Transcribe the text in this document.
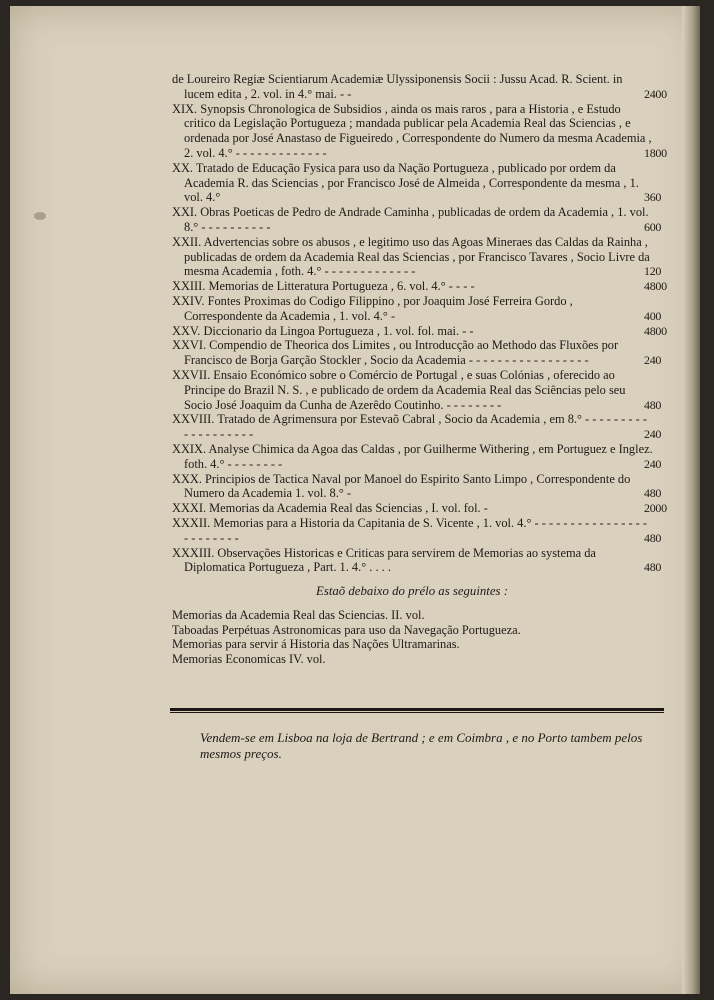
de Loureiro Regiæ Scientiarum Academiæ Ulyssiponensis Socii : Jussu Acad. R. Scient. in lucem edita , 2. vol. in 4.° mai. - -	2400
XIX. Synopsis Chronologica de Subsidios , ainda os mais raros , para a Historia , e Estudo critico da Legislação Portugueza ; mandada publicar pela Academia Real das Sciencias , e ordenada por José Anastaso de Figueiredo , Correspondente do Numero da mesma Academia , 2. vol. 4.° - - - - - - - - - - - - -	1800
XX. Tratado de Educação Fysica para uso da Nação Portugueza , publicado por ordem da Academia R. das Sciencias , por Francisco José de Almeida , Correspondente da mesma , 1. vol. 4.°	360
XXI. Obras Poeticas de Pedro de Andrade Caminha , publicadas de ordem da Academia , 1. vol. 8.° - - - - - - - - - -	600
XXII. Advertencias sobre os abusos , e legitimo uso das Agoas Mineraes das Caldas da Rainha , publicadas de ordem da Academia Real das Sciencias , por Francisco Tavares , Socio Livre da mesma Academia , foth. 4.° - - - - - - - - - - - - -	120
XXIII. Memorias de Litteratura Portugueza , 6. vol. 4.° - - - -	4800
XXIV. Fontes Proximas do Codigo Filippino , por Joaquim José Ferreira Gordo , Correspondente da Academia , 1. vol. 4.° -	400
XXV. Diccionario da Lingoa Portugueza , 1. vol. fol. mai. - -	4800
XXVI. Compendio de Theorica dos Limites , ou Introducção ao Methodo das Fluxões por Francisco de Borja Garção Stockler , Socio da Academia - - - - - - - - - - - - - - - - -	240
XXVII. Ensaio Económico sobre o Comércio de Portugal , e suas Colónias , oferecido ao Principe do Brazil N. S. , e publicado de ordem da Academia Real das Sciências pelo seu Socio José Joaquim da Cunha de Azerêdo Coutinho. - - - - - - - -	480
XXVIII. Tratado de Agrimensura por Estevaõ Cabral , Socio da Academia , em 8.° - - - - - - - - - - - - - - - - - - -	240
XXIX. Analyse Chimica da Agoa das Caldas , por Guilherme Withering , em Portuguez e Inglez. foth. 4.° - - - - - - - -	240
XXX. Principios de Tactica Naval por Manoel do Espirito Santo Limpo , Correspondente do Numero da Academia 1. vol. 8.° -	480
XXXI. Memorias da Academia Real das Sciencias , I. vol. fol. -	2000
XXXII. Memorias para a Historia da Capitania de S. Vicente , 1. vol. 4.° - - - - - - - - - - - - - - - - - - - - - - - -	480
XXXIII. Observações Historicas e Criticas para servirem de Memorias ao systema da Diplomatica Portugueza , Part. 1. 4.° . . . .	480
Estaõ debaixo do prélo as seguintes :
Memorias da Academia Real das Sciencias. II. vol.
Taboadas Perpétuas Astronomicas para uso da Navegação Portugueza.
Memorias para servir á Historia das Nações Ultramarinas.
Memorias Economicas IV. vol.
Vendem-se em Lisboa na loja de Bertrand ; e em Coimbra , e no Porto tambem pelos mesmos preços.
